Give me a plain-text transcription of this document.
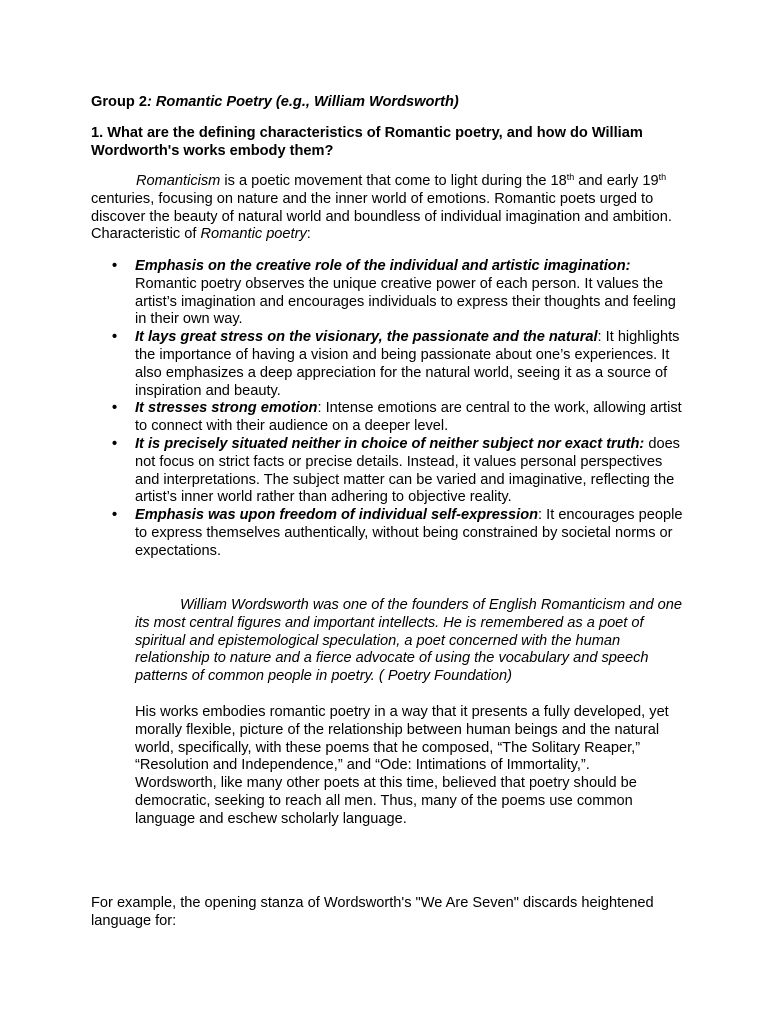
Group 2: Romantic Poetry (e.g., William Wordsworth)
1. What are the defining characteristics of Romantic poetry, and how do William Wordworth's works embody them?
Romanticism is a poetic movement that come to light during the 18th and early 19th centuries, focusing on nature and the inner world of emotions. Romantic poets urged to discover the beauty of natural world and boundless of individual imagination and ambition. Characteristic of Romantic poetry:
• Emphasis on the creative role of the individual and artistic imagination: Romantic poetry observes the unique creative power of each person. It values the artist’s imagination and encourages individuals to express their thoughts and feeling in their own way.
• It lays great stress on the visionary, the passionate and the natural: It highlights the importance of having a vision and being passionate about one’s experiences. It also emphasizes a deep appreciation for the natural world, seeing it as a source of inspiration and beauty.
• It stresses strong emotion: Intense emotions are central to the work, allowing artist to connect with their audience on a deeper level.
• It is precisely situated neither in choice of neither subject nor exact truth: does not focus on strict facts or precise details. Instead, it values personal perspectives and interpretations. The subject matter can be varied and imaginative, reflecting the artist’s inner world rather than adhering to objective reality.
• Emphasis was upon freedom of individual self-expression: It encourages people to express themselves authentically, without being constrained by societal norms or expectations.
William Wordsworth was one of the founders of English Romanticism and one its most central figures and important intellects. He is remembered as a poet of spiritual and epistemological speculation, a poet concerned with the human relationship to nature and a fierce advocate of using the vocabulary and speech patterns of common people in poetry. ( Poetry Foundation)
His works embodies romantic poetry in a way that it presents a fully developed, yet morally flexible, picture of the relationship between human beings and the natural world, specifically, with these poems that he composed, “The Solitary Reaper,” “Resolution and Independence,” and “Ode: Intimations of Immortality,”. Wordsworth, like many other poets at this time, believed that poetry should be democratic, seeking to reach all men. Thus, many of the poems use common language and eschew scholarly language.
For example, the opening stanza of Wordsworth's "We Are Seven" discards heightened language for:
